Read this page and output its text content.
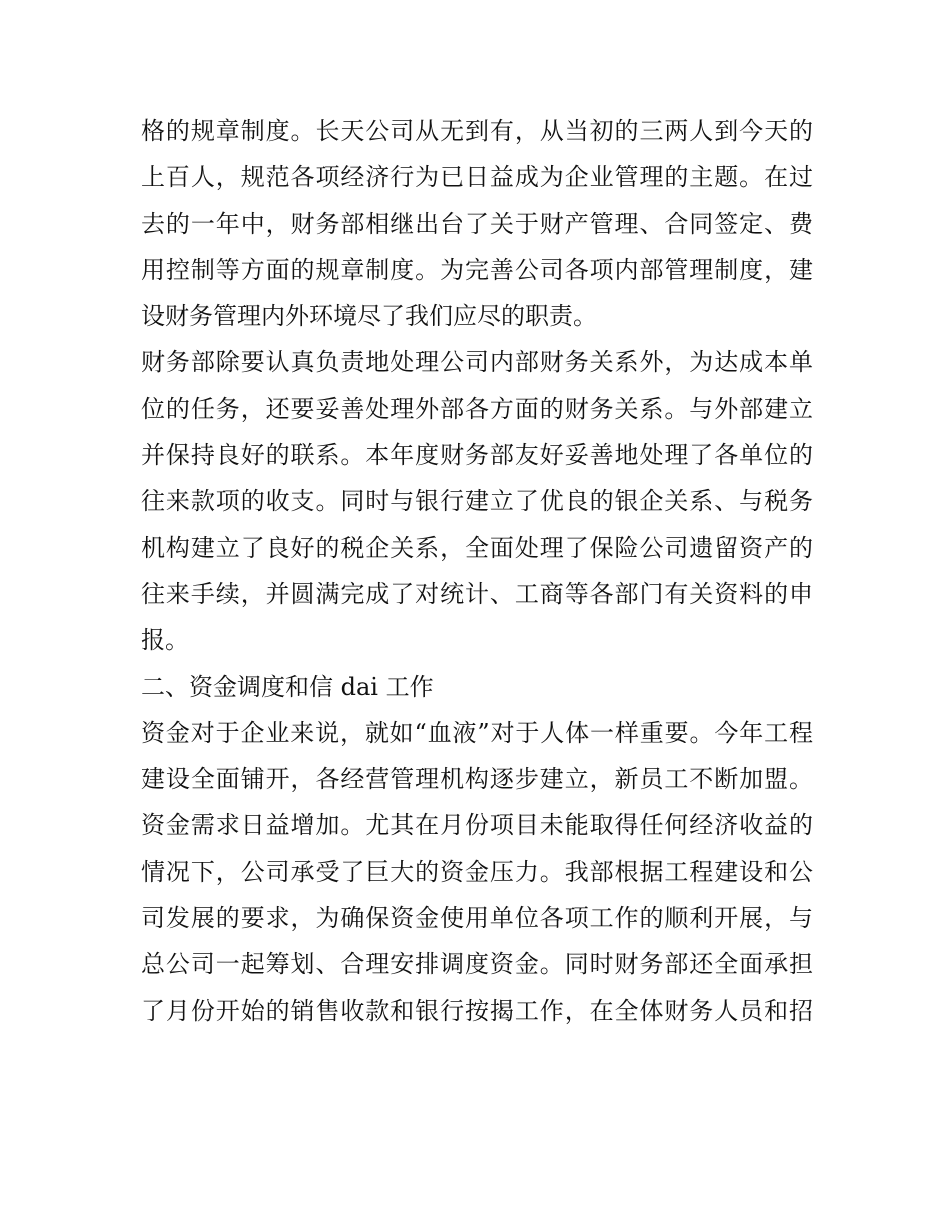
格的规章制度。长天公司从无到有，从当初的三两人到今天的
上百人，规范各项经济行为已日益成为企业管理的主题。在过
去的一年中，财务部相继出台了关于财产管理、合同签定、费
用控制等方面的规章制度。为完善公司各项内部管理制度，建
设财务管理内外环境尽了我们应尽的职责。
财务部除要认真负责地处理公司内部财务关系外，为达成本单
位的任务，还要妥善处理外部各方面的财务关系。与外部建立
并保持良好的联系。本年度财务部友好妥善地处理了各单位的
往来款项的收支。同时与银行建立了优良的银企关系、与税务
机构建立了良好的税企关系，全面处理了保险公司遗留资产的
往来手续，并圆满完成了对统计、工商等各部门有关资料的申
报。
二、资金调度和信 dai 工作
资金对于企业来说，就如“血液”对于人体一样重要。今年工程
建设全面铺开，各经营管理机构逐步建立，新员工不断加盟。
资金需求日益增加。尤其在月份项目未能取得任何经济收益的
情况下，公司承受了巨大的资金压力。我部根据工程建设和公
司发展的要求，为确保资金使用单位各项工作的顺利开展，与
总公司一起筹划、合理安排调度资金。同时财务部还全面承担
了月份开始的销售收款和银行按揭工作，在全体财务人员和招
